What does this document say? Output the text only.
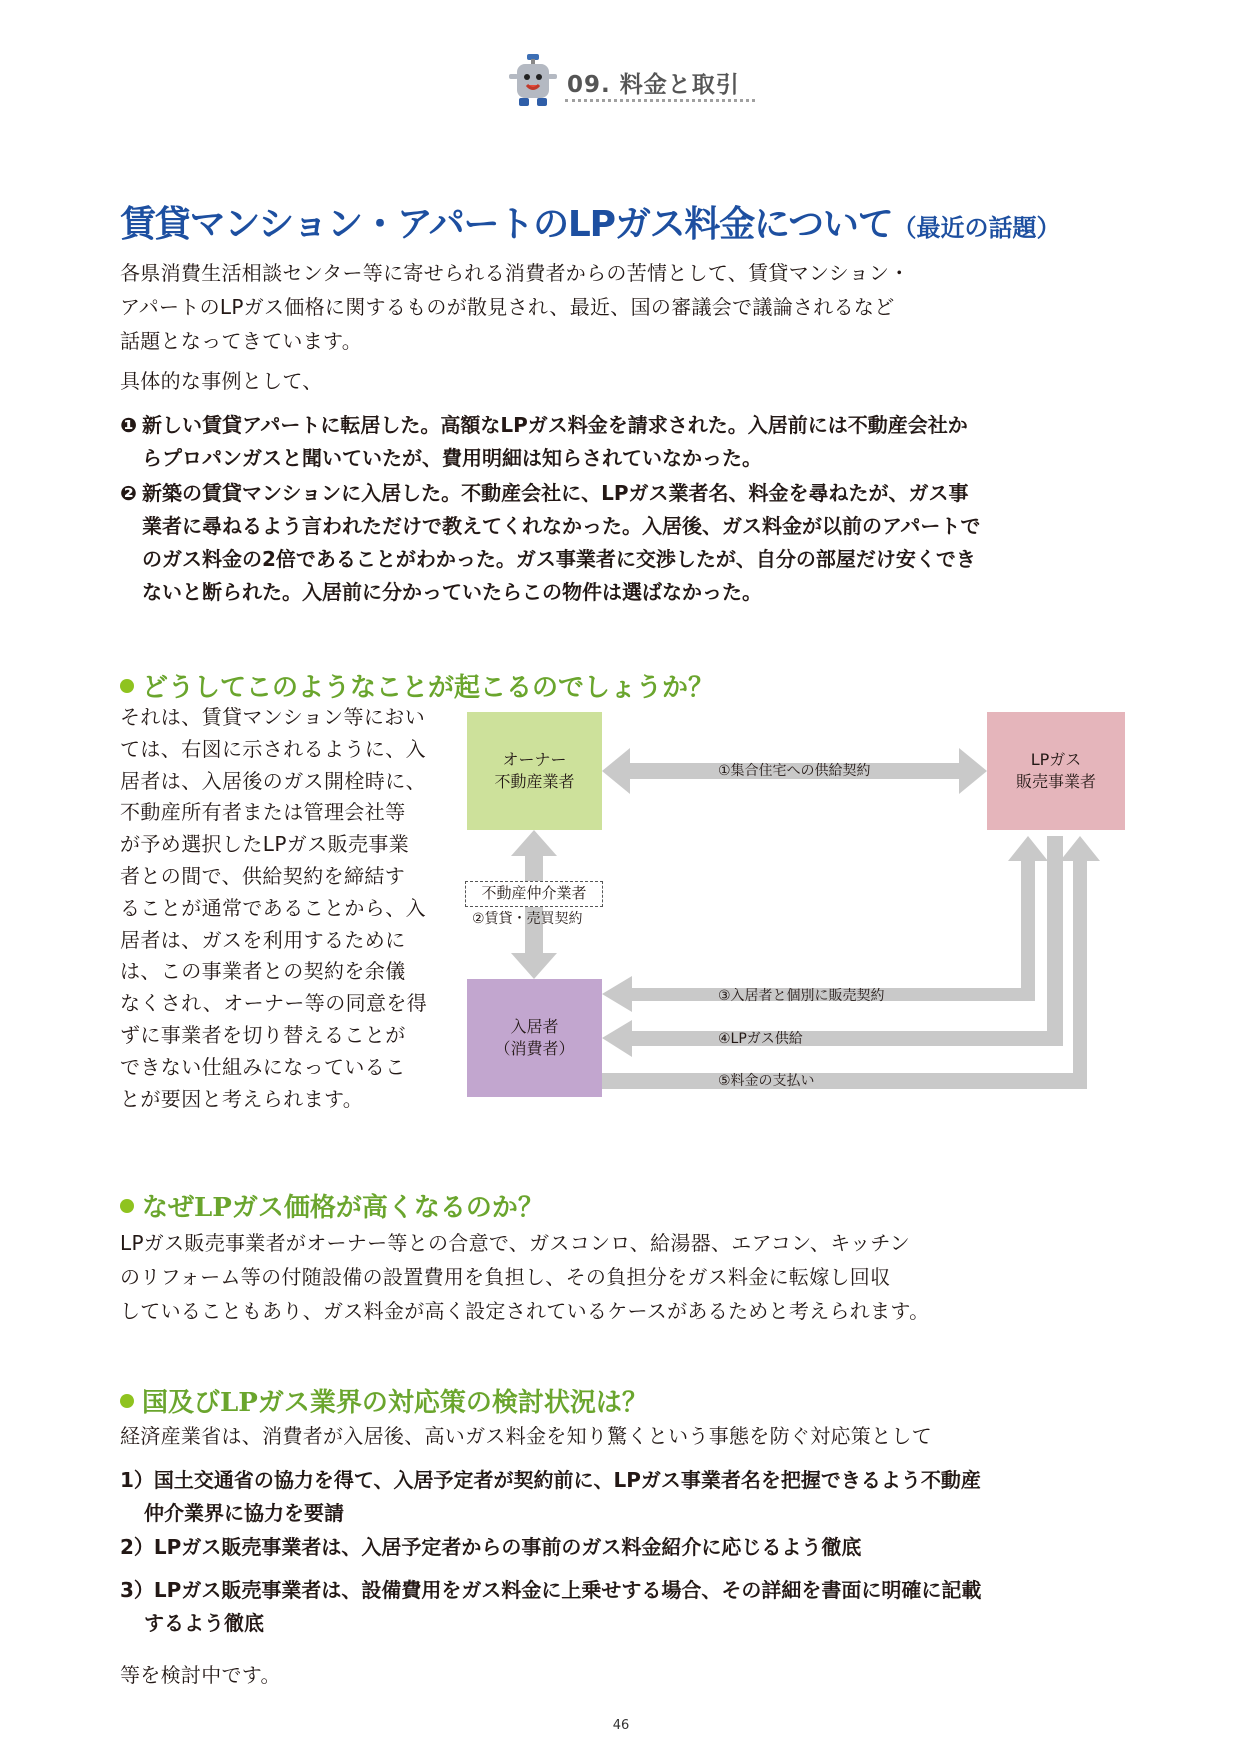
09. 料金と取引
賃貸マンション・アパートのLPガス料金について（最近の話題）
各県消費生活相談センター等に寄せられる消費者からの苦情として、賃貸マンション・
アパートのLPガス価格に関するものが散見され、最近、国の審議会で議論されるなど
話題となってきています。
具体的な事例として、
❶ 新しい賃貸アパートに転居した。高額なLPガス料金を請求された。入居前には不動産会社からプロパンガスと聞いていたが、費用明細は知らされていなかった。
❷ 新築の賃貸マンションに入居した。不動産会社に、LPガス業者名、料金を尋ねたが、ガス事業者に尋ねるよう言われただけで教えてくれなかった。入居後、ガス料金が以前のアパートでのガス料金の2倍であることがわかった。ガス事業者に交渉したが、自分の部屋だけ安くできないと断られた。入居前に分かっていたらこの物件は選ばなかった。
どうしてこのようなことが起こるのでしょうか？
それは、賃貸マンション等におい
ては、右図に示されるように、入
居者は、入居後のガス開栓時に、
不動産所有者または管理会社等
が予め選択したLPガス販売事業
者との間で、供給契約を締結す
ることが通常であることから、入
居者は、ガスを利用するために
は、この事業者との契約を余儀
なくされ、オーナー等の同意を得
ずに事業者を切り替えることが
できない仕組みになっているこ
とが要因と考えられます。
オーナー
不動産業者
LPガス
販売事業者
入居者
（消費者）
不動産仲介業者
②賃貸・売買契約
①集合住宅への供給契約
③入居者と個別に販売契約
④LPガス供給
⑤料金の支払い
なぜLPガス価格が高くなるのか？
LPガス販売事業者がオーナー等との合意で、ガスコンロ、給湯器、エアコン、キッチン
のリフォーム等の付随設備の設置費用を負担し、その負担分をガス料金に転嫁し回収
していることもあり、ガス料金が高く設定されているケースがあるためと考えられます。
国及びLPガス業界の対応策の検討状況は？
経済産業省は、消費者が入居後、高いガス料金を知り驚くという事態を防ぐ対応策として
1）国土交通省の協力を得て、入居予定者が契約前に、LPガス事業者名を把握できるよう不動産仲介業界に協力を要請
2）LPガス販売事業者は、入居予定者からの事前のガス料金紹介に応じるよう徹底
3）LPガス販売事業者は、設備費用をガス料金に上乗せする場合、その詳細を書面に明確に記載するよう徹底
等を検討中です。
46
